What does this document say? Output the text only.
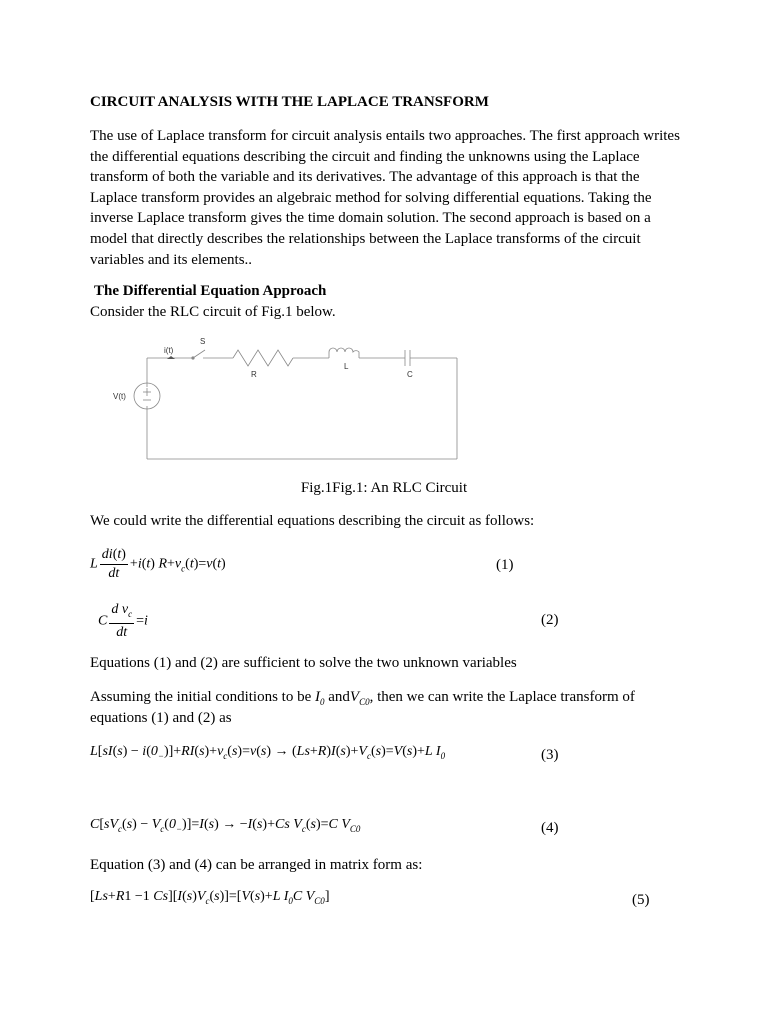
CIRCUIT ANALYSIS WITH THE LAPLACE TRANSFORM
The use of Laplace transform for circuit analysis entails two approaches. The first approach writes the differential equations describing the circuit and finding the unknowns using the Laplace transform of both the variable and its derivatives. The advantage of this approach is that the Laplace transform provides an algebraic method for solving differential equations. Taking the inverse Laplace transform gives the time domain solution. The second approach is based on a model that directly describes the relationships between the Laplace transforms of the circuit variables and its elements..
The Differential Equation Approach
Consider the RLC circuit of Fig.1 below.
i(t)
S
R
L
C
V(t)
Fig.1Fig.1: An RLC Circuit
We could write the differential equations describing the circuit as follows:
L $\frac{di(t)}{dt} +i(t)$ $R+v_c(t)=v(t)$	(1)
C $\frac{d v_c}{dt} =i$	(2)
Equations (1) and (2) are sufficient to solve the two unknown variables
Assuming the initial conditions to be $I_0$ andV$_{C0}$, then we can write the Laplace transform of
equations (1) and (2) as
$L[sI(s) - i(0_-)]+RI(s)+v_c(s)=v(s) \to (Ls+R)I(s)+V_c(s)=V(s)+L$ $I_0$	(3)
$C[sV_c(s) - V_c(0_-)]=I(s) \to -I(s)+Cs$ $V_c(s)=C$ $V_{C0}$	(4)
Equation (3) and (4) can be arranged in matrix form as:
[Ls+R1 −1 $Cs][I(s)V_c(s)]=[V(s)+L$ $I_0C$ $V_{C0}$]	(5)
